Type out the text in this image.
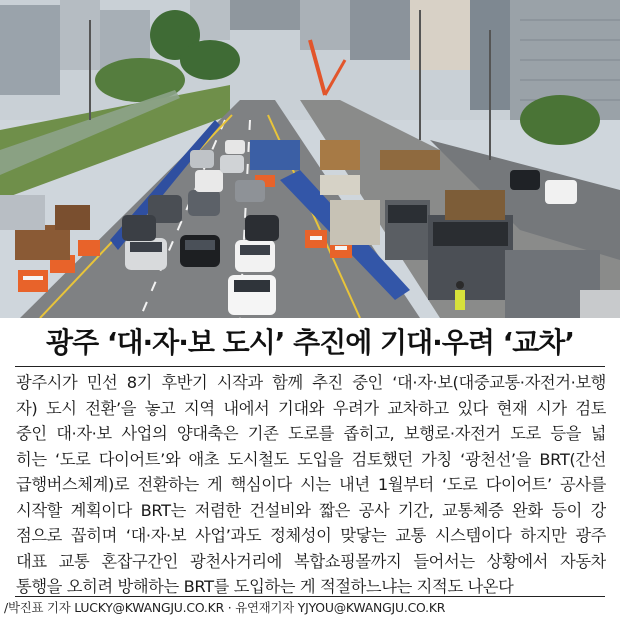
광주 ‘대·자·보 도시’ 추진에 기대·우려 ‘교차’
광주시가 민선 8기 후반기 시작과 함께 추진 중인 ‘대·자·보(대중교통·자전거·보행
자) 도시 전환’을 놓고 지역 내에서 기대와 우려가 교차하고 있다 현재 시가 검토
중인 대·자·보 사업의 양대축은 기존 도로를 좁히고, 보행로·자전거 도로 등을 넓
히는 ‘도로 다이어트’와 애초 도시철도 도입을 검토했던 가칭 ‘광천선’을 BRT(간선
급행버스체계)로 전환하는 게 핵심이다 시는 내년 1월부터 ‘도로 다이어트’ 공사를
시작할 계획이다 BRT는 저렴한 건설비와 짧은 공사 기간, 교통체증 완화 등이 강
점으로 꼽히며 ‘대·자·보 사업’과도 정체성이 맞닿는 교통 시스템이다 하지만 광주
대표 교통 혼잡구간인 광천사거리에 복합쇼핑몰까지 들어서는 상황에서 자동차
통행을 오히려 방해하는 BRT를 도입하는 게 적절하느냐는 지적도 나온다
/박진표 기자 LUCKY@KWANGJU.CO.KR · 유연재기자 YJYOU@KWANGJU.CO.KR
